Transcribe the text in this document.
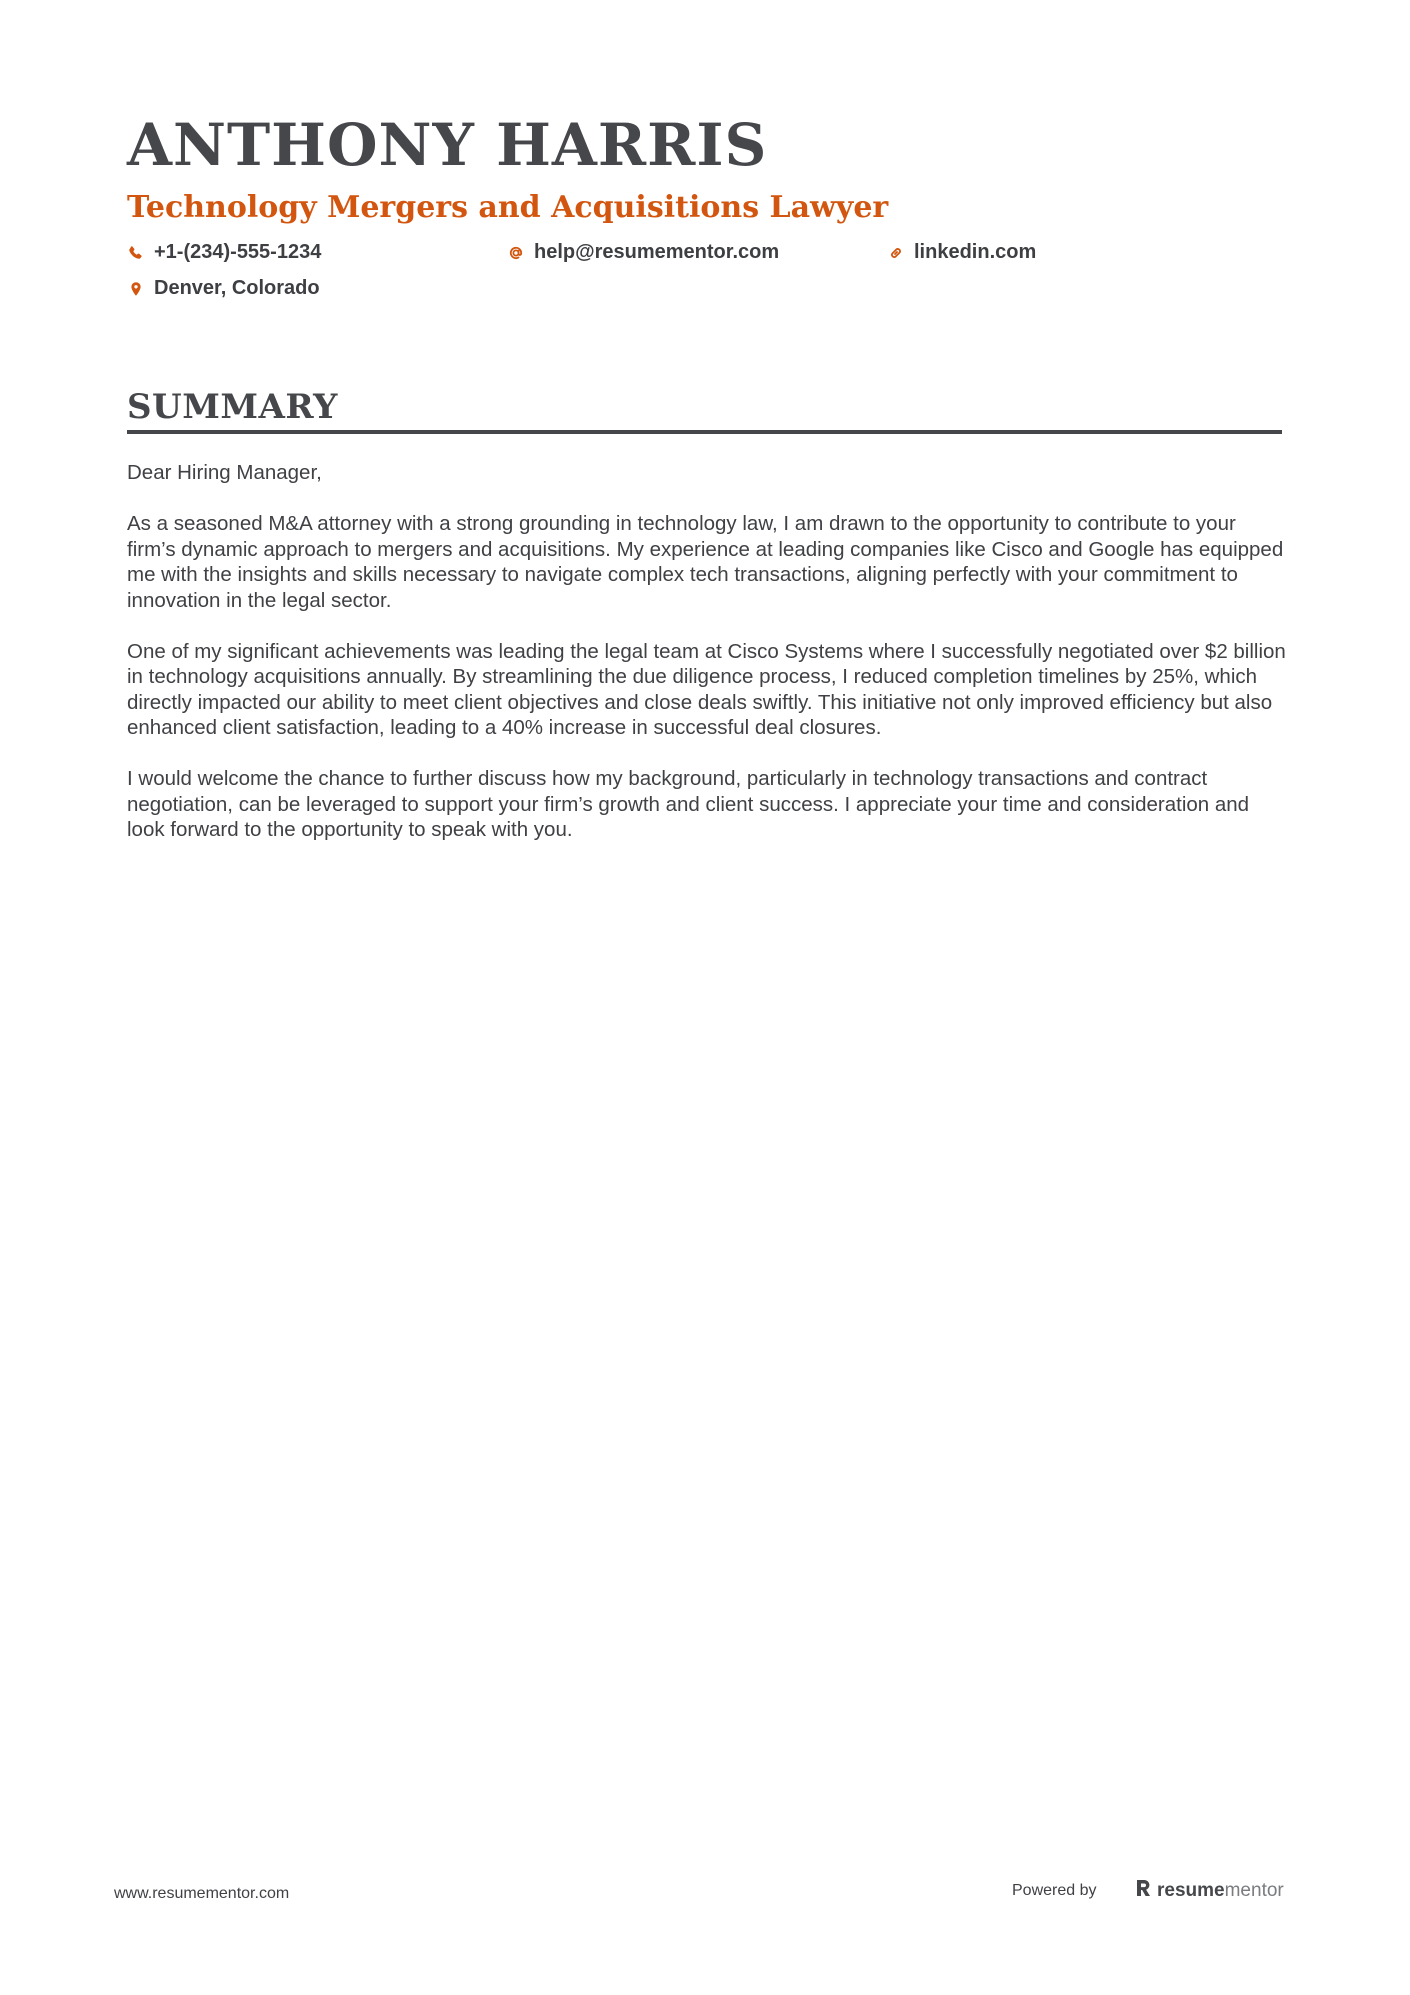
ANTHONY HARRIS
Technology Mergers and Acquisitions Lawyer
+1-(234)-555-1234	help@resumementor.com	linkedin.com
Denver, Colorado
SUMMARY

Dear Hiring Manager,

As a seasoned M&A attorney with a strong grounding in technology law, I am drawn to the opportunity to contribute to your firm’s dynamic approach to mergers and acquisitions. My experience at leading companies like Cisco and Google has equipped me with the insights and skills necessary to navigate complex tech transactions, aligning perfectly with your commitment to innovation in the legal sector.

One of my significant achievements was leading the legal team at Cisco Systems where I successfully negotiated over $2 billion in technology acquisitions annually. By streamlining the due diligence process, I reduced completion timelines by 25%, which directly impacted our ability to meet client objectives and close deals swiftly. This initiative not only improved efficiency but also enhanced client satisfaction, leading to a 40% increase in successful deal closures.

I would welcome the chance to further discuss how my background, particularly in technology transactions and contract negotiation, can be leveraged to support your firm’s growth and client success. I appreciate your time and consideration and look forward to the opportunity to speak with you.

www.resumementor.com	Powered by	resumementor
